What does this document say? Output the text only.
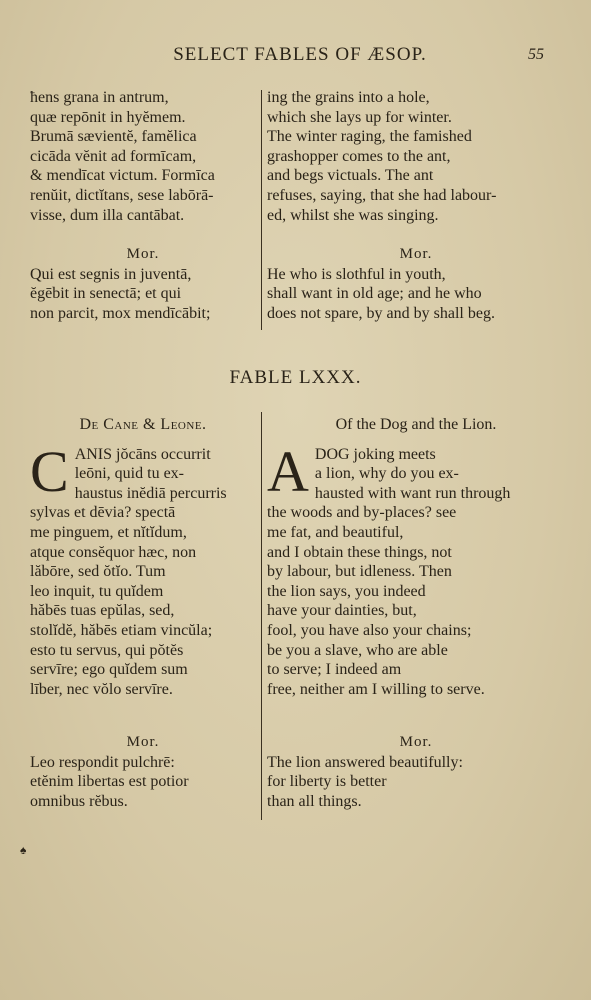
SELECT FABLES OF ÆSOP.	55

ħens grana in antrum,

quæ repōnit in hyĕmem.

Brumā sævientĕ, famĕlica

cicāda vĕnit ad formīcam,

& mendīcat victum. Formīca

renŭit, dictĭtans, sese labōrā-

visse, dum illa cantābat.

ing the grains into a hole,

which she lays up for winter.

The winter raging, the famished

grashopper comes to the ant,

and begs victuals. The ant

refuses, saying, that she had labour-

ed, whilst she was singing.

Mor.

Qui est segnis in juventā,

ĕgēbit in senectā; et qui

non parcit, mox mendīcābit;

Mor.

He who is slothful in youth,

shall want in old age; and he who

does not spare, by and by shall beg.

FABLE LXXX.

De Cane & Leone.

C ANIS jŏcāns occurrit

leōni, quid tu ex-

haustus inĕdiā percurris

sylvas et dēvia? spectā

me pinguem, et nĭtĭdum,

atque consĕquor hæc, non

lăbōre, sed ŏtĭo. Tum

leo inquit, tu quĭdem

hăbēs tuas epŭlas, sed,

stolĭdĕ, hăbēs etiam vincŭla;

esto tu servus, qui pŏtĕs

servīre; ego quĭdem sum

līber, nec vŏlo servīre.

Of the Dog and the Lion.

A DOG joking meets

a lion, why do you ex-

hausted with want run through

the woods and by-places? see

me fat, and beautiful,

and I obtain these things, not

by labour, but idleness. Then

the lion says, you indeed

have your dainties, but,

fool, you have also your chains;

be you a slave, who are able

to serve; I indeed am

free, neither am I willing to serve.

Mor.

Leo respondit pulchrē:

etĕnim libertas est potior

omnibus rĕbus.

Mor.

The lion answered beautifully:

for liberty is better

than all things.

♠
